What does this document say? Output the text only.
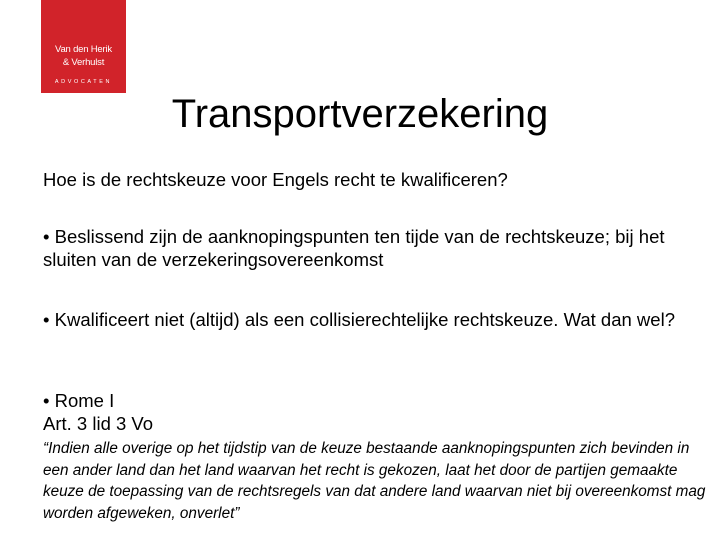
Van den Herik
& Verhulst
ADVOCATEN
Transportverzekering

Hoe is de rechtskeuze voor Engels recht te kwalificeren?

• Beslissend zijn de aanknopingspunten ten tijde van de rechtskeuze; bij het sluiten van de verzekeringsovereenkomst

• Kwalificeert niet (altijd) als een collisierechtelijke rechtskeuze. Wat dan wel?

• Rome I

Art. 3 lid 3 Vo

“Indien alle overige op het tijdstip van de keuze bestaande aanknopingspunten zich bevinden in een ander land dan het land waarvan het recht is gekozen, laat het door de partijen gemaakte keuze de toepassing van de rechtsregels van dat andere land waarvan niet bij overeenkomst mag worden afgeweken, onverlet”
